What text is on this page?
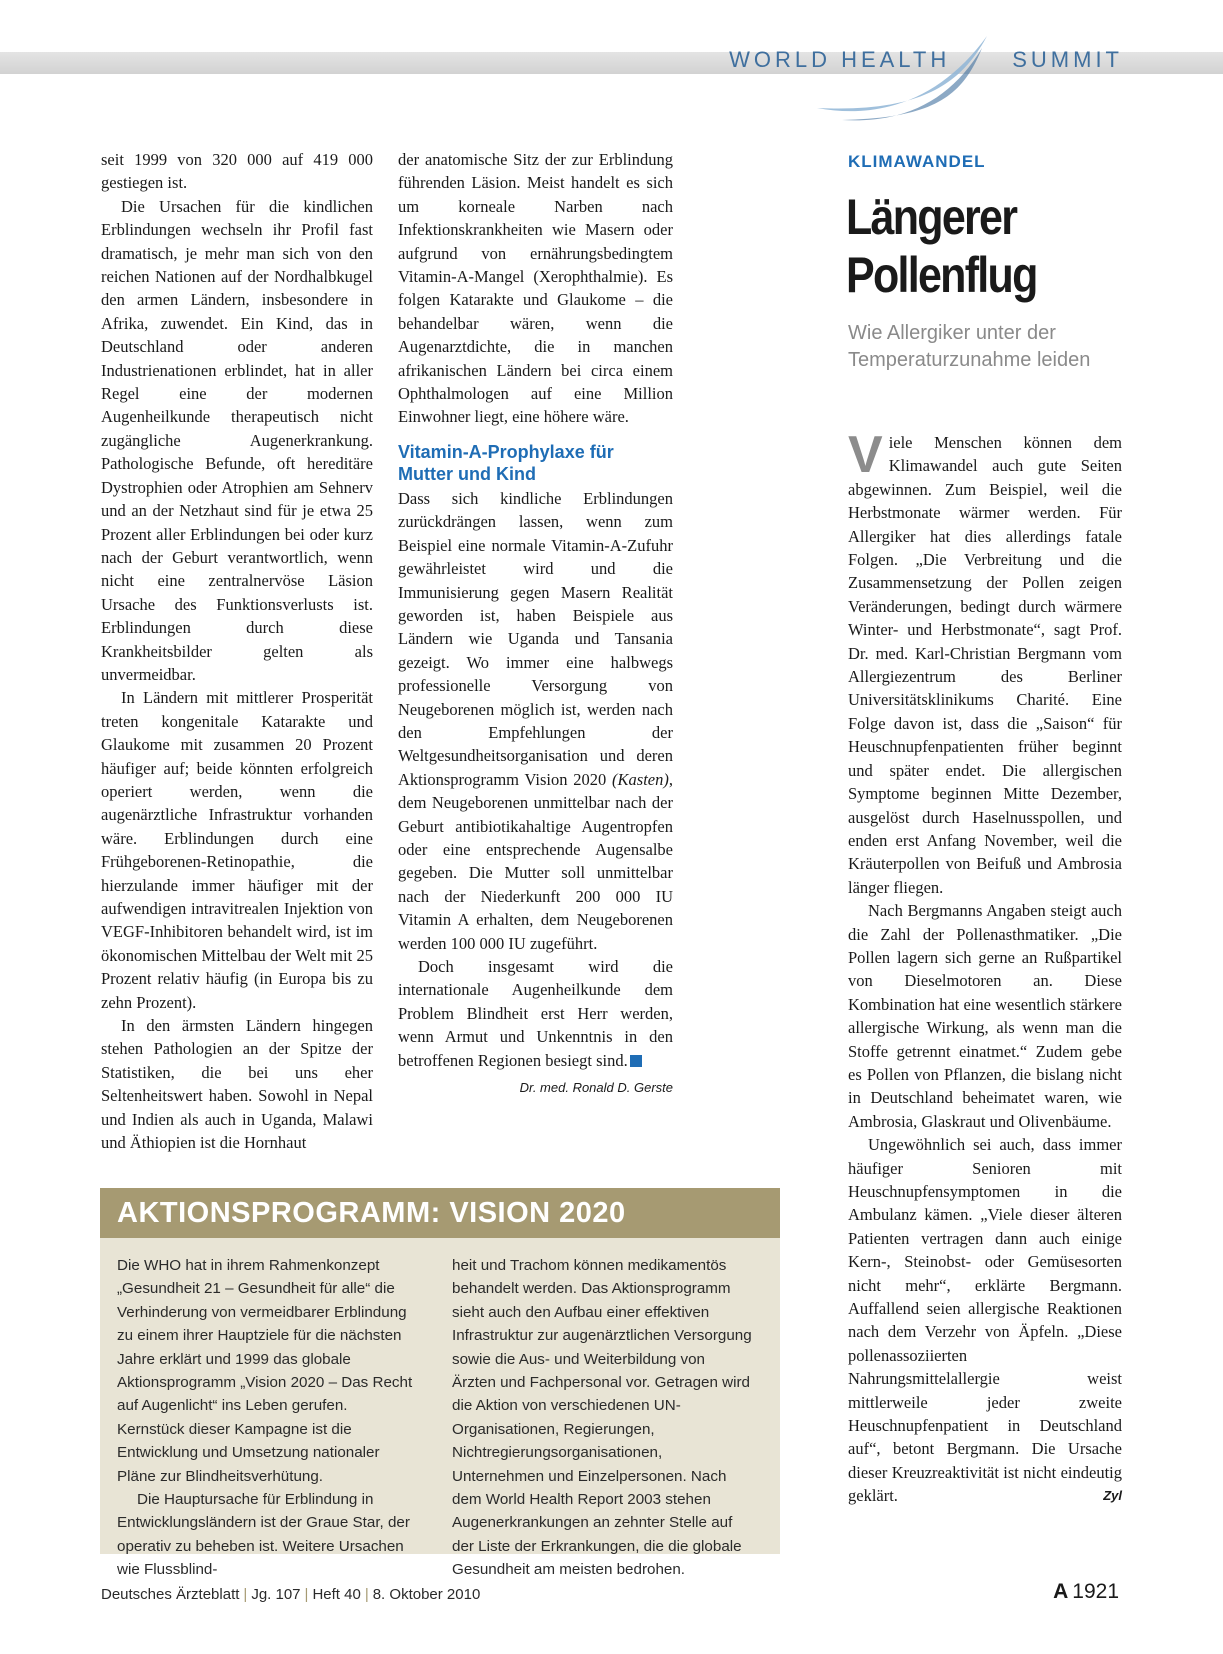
WORLD HEALTH	SUMMIT

seit 1999 von 320 000 auf 419 000 gestiegen ist.

Die Ursachen für die kindlichen Erblindungen wechseln ihr Profil fast dramatisch, je mehr man sich von den reichen Nationen auf der Nordhalbkugel den armen Ländern, insbesondere in Afrika, zuwendet. Ein Kind, das in Deutschland oder anderen Industrienationen erblindet, hat in aller Regel eine der modernen Augenheilkunde therapeutisch nicht zugängliche Augenerkrankung. Pathologische Befunde, oft hereditäre Dystrophien oder Atrophien am Sehnerv und an der Netzhaut sind für je etwa 25 Prozent aller Erblindungen bei oder kurz nach der Geburt verantwortlich, wenn nicht eine zentralnervöse Läsion Ursache des Funktionsverlusts ist. Erblindungen durch diese Krankheitsbilder gelten als unvermeidbar.

In Ländern mit mittlerer Prosperität treten kongenitale Katarakte und Glaukome mit zusammen 20 Prozent häufiger auf; beide könnten erfolgreich operiert werden, wenn die augenärztliche Infrastruktur vorhanden wäre. Erblindungen durch eine Frühgeborenen-Retinopathie, die hierzulande immer häufiger mit der aufwendigen intravitrealen Injektion von VEGF-Inhibitoren behandelt wird, ist im ökonomischen Mittelbau der Welt mit 25 Prozent relativ häufig (in Europa bis zu zehn Prozent).

In den ärmsten Ländern hingegen stehen Pathologien an der Spitze der Statistiken, die bei uns eher Seltenheitswert haben. Sowohl in Nepal und Indien als auch in Uganda, Malawi und Äthiopien ist die Hornhaut

der anatomische Sitz der zur Erblindung führenden Läsion. Meist handelt es sich um korneale Narben nach Infektionskrankheiten wie Masern oder aufgrund von ernährungsbedingtem Vitamin-A-Mangel (Xerophthalmie). Es folgen Katarakte und Glaukome – die behandelbar wären, wenn die Augenarztdichte, die in manchen afrikanischen Ländern bei circa einem Ophthalmologen auf eine Million Einwohner liegt, eine höhere wäre.

Vitamin-A-Prophylaxe für Mutter und Kind

Dass sich kindliche Erblindungen zurückdrängen lassen, wenn zum Beispiel eine normale Vitamin-A-Zufuhr gewährleistet wird und die Immunisierung gegen Masern Realität geworden ist, haben Beispiele aus Ländern wie Uganda und Tansania gezeigt. Wo immer eine halbwegs professionelle Versorgung von Neugeborenen möglich ist, werden nach den Empfehlungen der Weltgesundheitsorganisation und deren Aktionsprogramm Vision 2020 (Kasten), dem Neugeborenen unmittelbar nach der Geburt antibiotikahaltige Augentropfen oder eine entsprechende Augensalbe gegeben. Die Mutter soll unmittelbar nach der Niederkunft 200 000 IU Vitamin A erhalten, dem Neugeborenen werden 100 000 IU zugeführt.

Doch insgesamt wird die internationale Augenheilkunde dem Problem Blindheit erst Herr werden, wenn Armut und Unkenntnis in den betroffenen Regionen besiegt sind.

Dr. med. Ronald D. Gerste
KLIMAWANDEL
Längerer
Pollenflug
Wie Allergiker unter der Temperaturzunahme leiden

Viele Menschen können dem Klimawandel auch gute Seiten abgewinnen. Zum Beispiel, weil die Herbstmonate wärmer werden. Für Allergiker hat dies allerdings fatale Folgen. „Die Verbreitung und die Zusammensetzung der Pollen zeigen Veränderungen, bedingt durch wärmere Winter- und Herbstmonate“, sagt Prof. Dr. med. Karl-Christian Bergmann vom Allergiezentrum des Berliner Universitätsklinikums Charité. Eine Folge davon ist, dass die „Saison“ für Heuschnupfenpatienten früher beginnt und später endet. Die allergischen Symptome beginnen Mitte Dezember, ausgelöst durch Haselnusspollen, und enden erst Anfang November, weil die Kräuterpollen von Beifuß und Ambrosia länger fliegen.

Nach Bergmanns Angaben steigt auch die Zahl der Pollenasthmatiker. „Die Pollen lagern sich gerne an Rußpartikel von Dieselmotoren an. Diese Kombination hat eine wesentlich stärkere allergische Wirkung, als wenn man die Stoffe getrennt einatmet.“ Zudem gebe es Pollen von Pflanzen, die bislang nicht in Deutschland beheimatet waren, wie Ambrosia, Glaskraut und Olivenbäume.

Ungewöhnlich sei auch, dass immer häufiger Senioren mit Heuschnupfensymptomen in die Ambulanz kämen. „Viele dieser älteren Patienten vertragen dann auch einige Kern-, Steinobst- oder Gemüsesorten nicht mehr“, erklärte Bergmann. Auffallend seien allergische Reaktionen nach dem Verzehr von Äpfeln. „Diese pollenassoziierten Nahrungsmittelallergie weist mittlerweile jeder zweite Heuschnupfenpatient in Deutschland auf“, betont Bergmann. Die Ursache dieser Kreuzreaktivität ist nicht eindeutig geklärt.	Zyl

AKTIONSPROGRAMM: VISION 2020

Die WHO hat in ihrem Rahmenkonzept „Gesundheit 21 – Gesundheit für alle“ die Verhinderung von vermeidbarer Erblindung zu einem ihrer Hauptziele für die nächsten Jahre erklärt und 1999 das globale Aktionsprogramm „Vision 2020 – Das Recht auf Augenlicht“ ins Leben gerufen. Kernstück dieser Kampagne ist die Entwicklung und Umsetzung nationaler Pläne zur Blindheitsverhütung.

Die Hauptursache für Erblindung in Entwicklungsländern ist der Graue Star, der operativ zu beheben ist. Weitere Ursachen wie Flussblind-

heit und Trachom können medikamentös behandelt werden. Das Aktionsprogramm sieht auch den Aufbau einer effektiven Infrastruktur zur augenärztlichen Versorgung sowie die Aus- und Weiterbildung von Ärzten und Fachpersonal vor. Getragen wird die Aktion von verschiedenen UN-Organisationen, Regierungen, Nichtregierungsorganisationen, Unternehmen und Einzelpersonen. Nach dem World Health Report 2003 stehen Augenerkrankungen an zehnter Stelle auf der Liste der Erkrankungen, die die globale Gesundheit am meisten bedrohen.

Deutsches Ärzteblatt | Jg. 107 | Heft 40 | 8. Oktober 2010	A 1921
